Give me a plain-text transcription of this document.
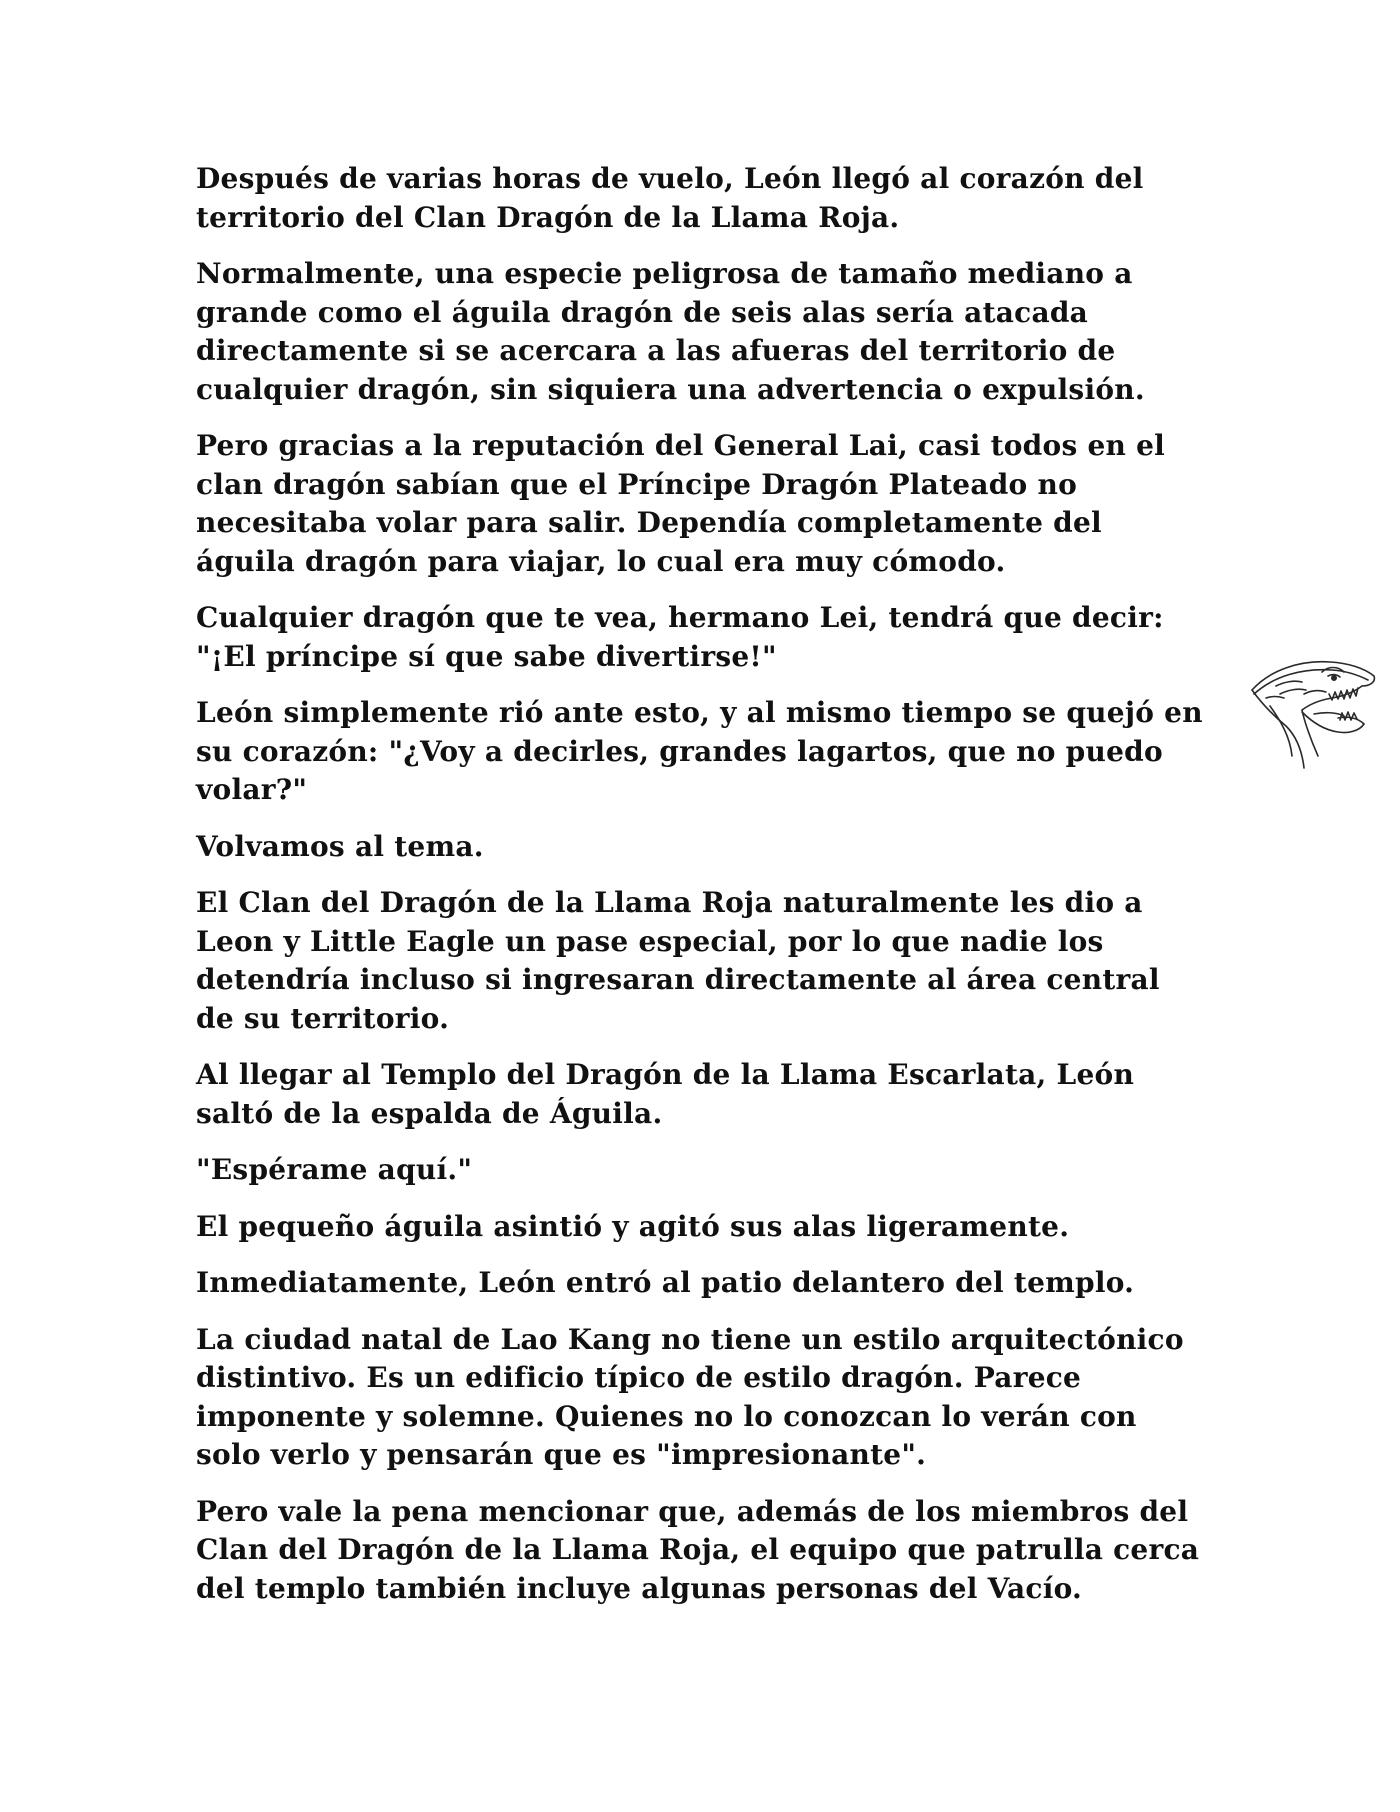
Después de varias horas de vuelo, León llegó al corazón del territorio del Clan Dragón de la Llama Roja.

Normalmente, una especie peligrosa de tamaño mediano a grande como el águila dragón de seis alas sería atacada directamente si se acercara a las afueras del territorio de cualquier dragón, sin siquiera una advertencia o expulsión.

Pero gracias a la reputación del General Lai, casi todos en el clan dragón sabían que el Príncipe Dragón Plateado no necesitaba volar para salir. Dependía completamente del águila dragón para viajar, lo cual era muy cómodo.

Cualquier dragón que te vea, hermano Lei, tendrá que decir: "¡El príncipe sí que sabe divertirse!"

León simplemente rió ante esto, y al mismo tiempo se quejó en su corazón: "¿Voy a decirles, grandes lagartos, que no puedo volar?"

Volvamos al tema.

El Clan del Dragón de la Llama Roja naturalmente les dio a Leon y Little Eagle un pase especial, por lo que nadie los detendría incluso si ingresaran directamente al área central de su territorio.

Al llegar al Templo del Dragón de la Llama Escarlata, León saltó de la espalda de Águila.

"Espérame aquí."

El pequeño águila asintió y agitó sus alas ligeramente.

Inmediatamente, León entró al patio delantero del templo.

La ciudad natal de Lao Kang no tiene un estilo arquitectónico distintivo. Es un edificio típico de estilo dragón. Parece imponente y solemne. Quienes no lo conozcan lo verán con solo verlo y pensarán que es "impresionante".

Pero vale la pena mencionar que, además de los miembros del Clan del Dragón de la Llama Roja, el equipo que patrulla cerca del templo también incluye algunas personas del Vacío.
